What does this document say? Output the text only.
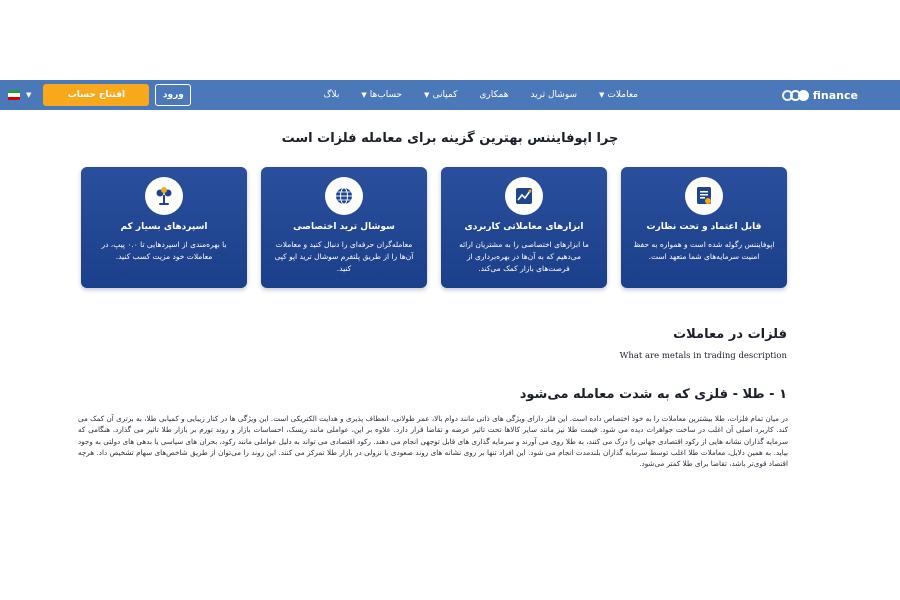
▼	افتتاح حساب	ورود	معاملات
▼
سوشال ترید
همکاری
کمپانی
▼
حساب‌ها
▼
بلاگ	finance
چرا اپوفایننس بهترین گزینه برای معامله فلزات است
قابل اعتماد و تحت نظارت
اپوفایننس رگوله شده است و همواره به حفظ امنیت سرمایه‌های شما متعهد است.
ابزارهای معاملاتی کاربردی
ما ابزارهای اختصاصی را به مشتریان ارائه می‌دهیم که به آن‌ها در بهره‌برداری از فرصت‌های بازار کمک می‌کند.
سوشال ترید اختصاصی
معامله‌گران حرفه‌ای را دنبال کنید و معاملات آن‌ها را از طریق پلتفرم سوشال ترید اپو کپی کنید.
اسپردهای بسیار کم
با بهره‌مندی از اسپردهایی تا ۰.۰ پیپ، در معاملات خود مزیت کسب کنید.
فلزات در معاملات
What are metals in trading description
۱ - طلا - فلزی که به شدت معامله می‌شود
در میان تمام فلزات، طلا بیشترین معاملات را به خود اختصاص داده است. این فلز دارای ویژگی های ذاتی مانند دوام بالا، عمر طولانی، انعطاف پذیری و هدایت الکتریکی است. این ویژگی ها در کنار زیبایی و کمیابی طلا، به برتری آن کمک می کند. کاربرد اصلی آن اغلب در ساخت جواهرات دیده می شود. قیمت طلا نیز مانند سایر کالاها تحت تاثیر عرضه و تقاضا قرار دارد. علاوه بر این، عواملی مانند ریسک، احساسات بازار و روند تورم بر بازار طلا تاثیر می گذارد. هنگامی که سرمایه گذاران نشانه هایی از رکود اقتصادی جهانی را درک می کنند، به طلا روی می آورند و سرمایه گذاری های قابل توجهی انجام می دهند. رکود اقتصادی می تواند به دلیل عواملی مانند رکود، بحران های سیاسی یا بدهی های دولتی به وجود بیاید. به همین دلایل، معاملات طلا اغلب توسط سرمایه گذاران بلندمدت انجام می شود. این افراد تنها بر روی نشانه های روند صعودی یا نزولی در بازار طلا تمرکز می کنند. این روند را می‌توان از طریق شاخص‌های سهام تشخیص داد. هرچه اقتصاد قوی‌تر باشد، تقاضا برای طلا کمتر می‌شود.
